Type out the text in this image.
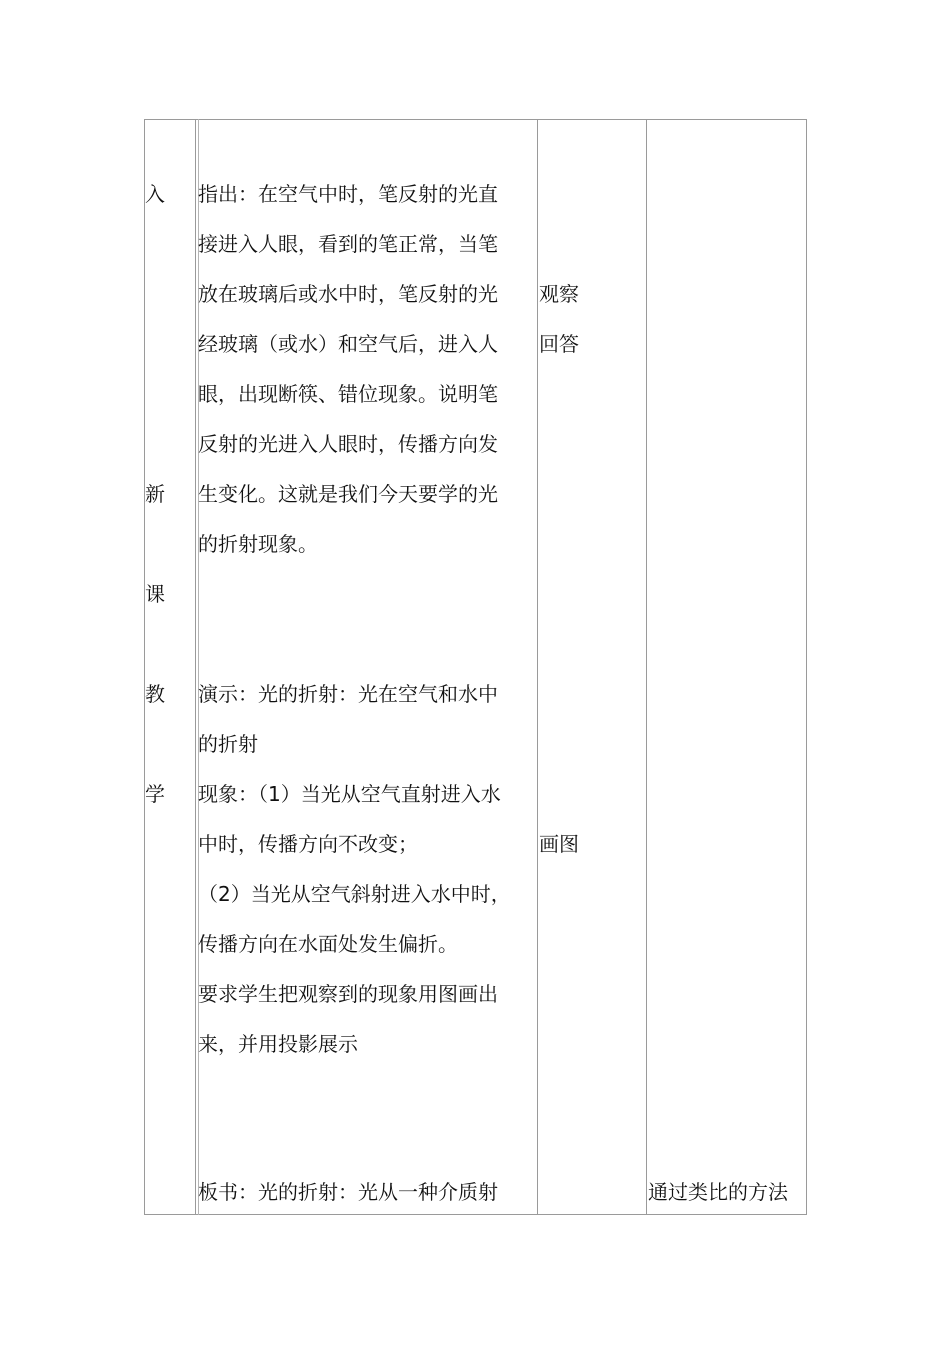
入
新
课
教
学
指出：在空气中时，笔反射的光直
接进入人眼，看到的笔正常，当笔
放在玻璃后或水中时，笔反射的光
经玻璃（或水）和空气后，进入人
眼，出现断筷、错位现象。说明笔
反射的光进入人眼时，传播方向发
生变化。这就是我们今天要学的光
的折射现象。
演示：光的折射：光在空气和水中
的折射
现象：（1）当光从空气直射进入水
中时，传播方向不改变；
（2）当光从空气斜射进入水中时，
传播方向在水面处发生偏折。
要求学生把观察到的现象用图画出
来，并用投影展示
板书：光的折射：光从一种介质射
观察
回答
画图
通过类比的方法
